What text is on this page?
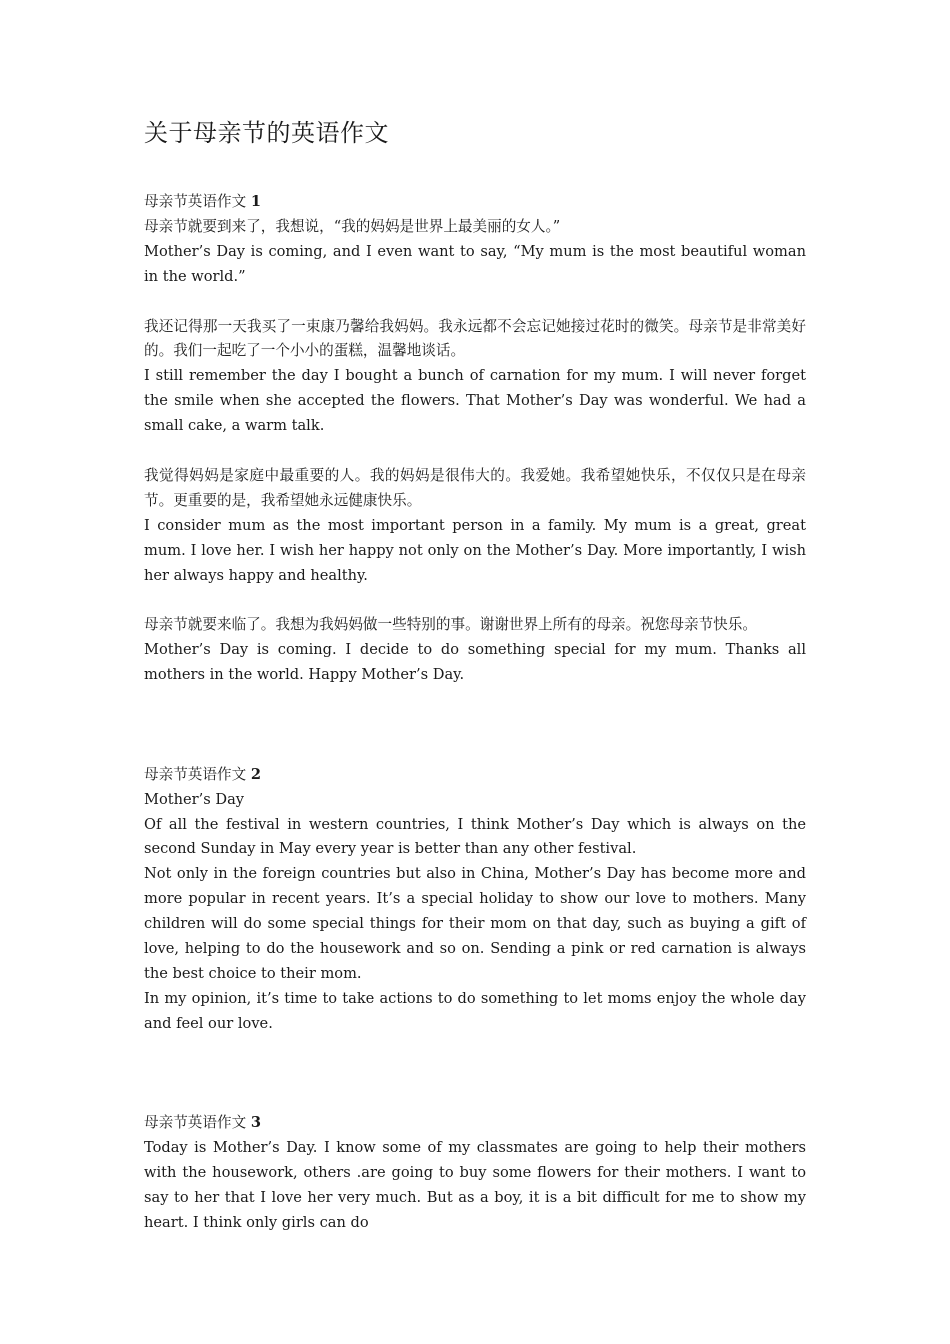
关于母亲节的英语作文

母亲节英语作文 1

母亲节就要到来了，我想说，“我的妈妈是世界上最美丽的女人。”

Mother’s Day is coming, and I even want to say, “My mum is the most beautiful woman in the world.”

我还记得那一天我买了一束康乃馨给我妈妈。我永远都不会忘记她接过花时的微笑。母亲节是非常美好的。我们一起吃了一个小小的蛋糕，温馨地谈话。

I still remember the day I bought a bunch of carnation for my mum. I will never forget the smile when she accepted the flowers. That Mother’s Day was wonderful. We had a small cake, a warm talk.

我觉得妈妈是家庭中最重要的人。我的妈妈是很伟大的。我爱她。我希望她快乐，不仅仅只是在母亲节。更重要的是，我希望她永远健康快乐。

I consider mum as the most important person in a family. My mum is a great, great mum. I love her. I wish her happy not only on the Mother’s Day. More importantly, I wish her always happy and healthy.

母亲节就要来临了。我想为我妈妈做一些特别的事。谢谢世界上所有的母亲。祝您母亲节快乐。

Mother’s Day is coming. I decide to do something special for my mum. Thanks all mothers in the world. Happy Mother’s Day.

母亲节英语作文 2

Mother’s Day

Of all the festival in western countries, I think Mother’s Day which is always on the second Sunday in May every year is better than any other festival.

Not only in the foreign countries but also in China, Mother’s Day has become more and more popular in recent years. It’s a special holiday to show our love to mothers. Many children will do some special things for their mom on that day, such as buying a gift of love, helping to do the housework and so on. Sending a pink or red carnation is always the best choice to their mom.

In my opinion, it’s time to take actions to do something to let moms enjoy the whole day and feel our love.

母亲节英语作文 3

Today is Mother’s Day. I know some of my classmates are going to help their mothers with the housework, others .are going to buy some flowers for their mothers. I want to say to her that I love her very much. But as a boy, it is a bit difficult for me to show my heart. I think only girls can do
